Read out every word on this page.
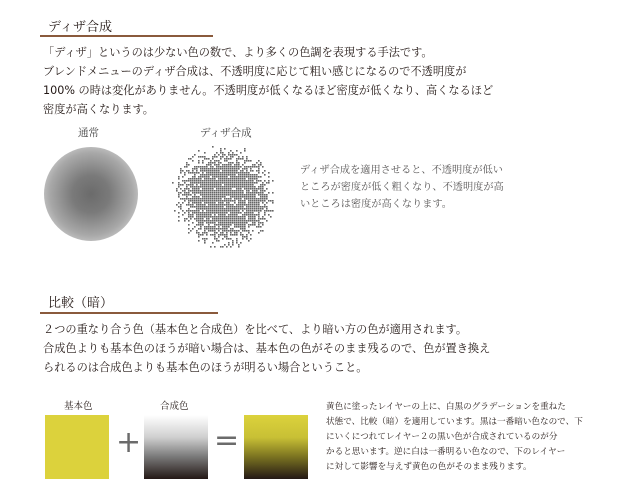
ディザ合成
「ディザ」というのは少ない色の数で、より多くの色調を表現する手法です。
ブレンドメニューのディザ合成は、不透明度に応じて粗い感じになるので不透明度が
100% の時は変化がありません。不透明度が低くなるほど密度が低くなり、高くなるほど
密度が高くなります。
通常	ディザ合成
ディザ合成を適用させると、不透明度が低い
ところが密度が低く粗くなり、不透明度が高
いところは密度が高くなります。
比較（暗）
２つの重なり合う色（基本色と合成色）を比べて、より暗い方の色が適用されます。
合成色よりも基本色のほうが暗い場合は、基本色の色がそのまま残るので、色が置き換え
られるのは合成色よりも基本色のほうが明るい場合ということ。
基本色	合成色
+ =
黄色に塗ったレイヤーの上に、白黒のグラデーションを重ねた
状態で、比較（暗）を適用しています。黒は一番暗い色なので、下
にいくにつれてレイヤー２の黒い色が合成されているのが分
かると思います。逆に白は一番明るい色なので、下のレイヤー
に対して影響を与えず黄色の色がそのまま残ります。
